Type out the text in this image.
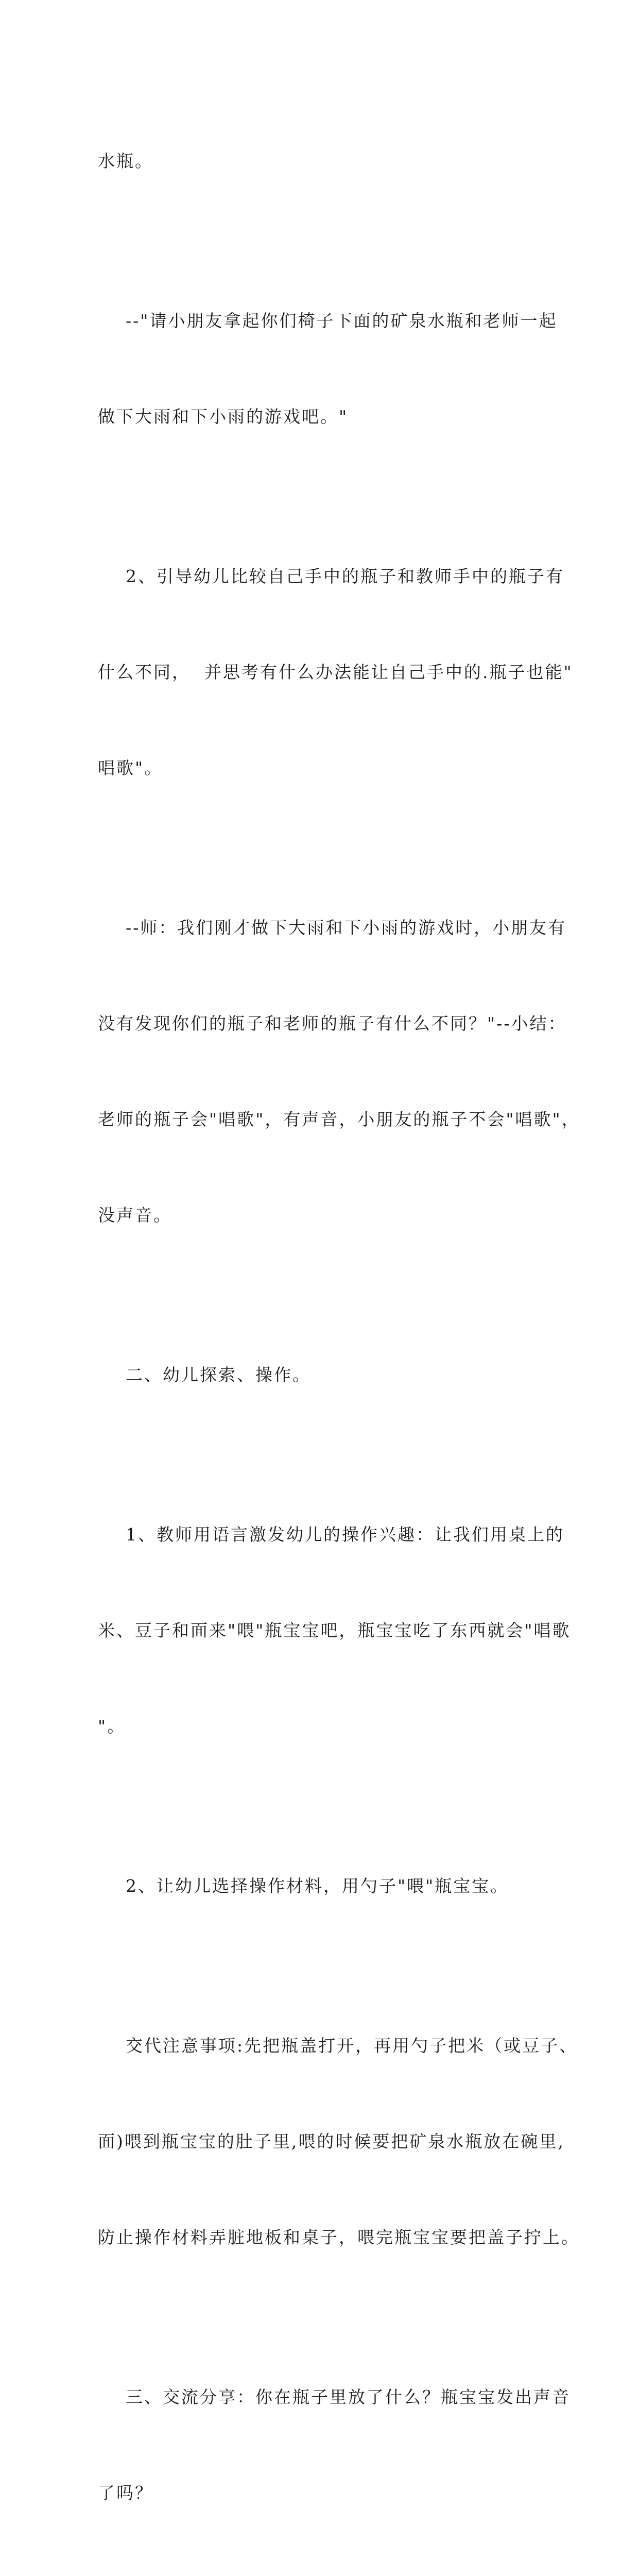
水瓶。

--"请小朋友拿起你们椅子下面的矿泉水瓶和老师一起

做下大雨和下小雨的游戏吧。"

2、引导幼儿比较自己手中的瓶子和教师手中的瓶子有

什么不同，  并思考有什么办法能让自己手中的.瓶子也能"

唱歌"。

--师：我们刚才做下大雨和下小雨的游戏时，小朋友有

没有发现你们的瓶子和老师的瓶子有什么不同？"--小结：

老师的瓶子会"唱歌"，有声音，小朋友的瓶子不会"唱歌"，

没声音。

二、幼儿探索、操作。

1、教师用语言激发幼儿的操作兴趣：让我们用桌上的

米、豆子和面来"喂"瓶宝宝吧，瓶宝宝吃了东西就会"唱歌

"。

2、让幼儿选择操作材料，用勺子"喂"瓶宝宝。

交代注意事项:先把瓶盖打开，再用勺子把米（或豆子、

面)喂到瓶宝宝的肚子里,喂的时候要把矿泉水瓶放在碗里,

防止操作材料弄脏地板和桌子，喂完瓶宝宝要把盖子拧上。

三、交流分享：你在瓶子里放了什么？瓶宝宝发出声音

了吗？
